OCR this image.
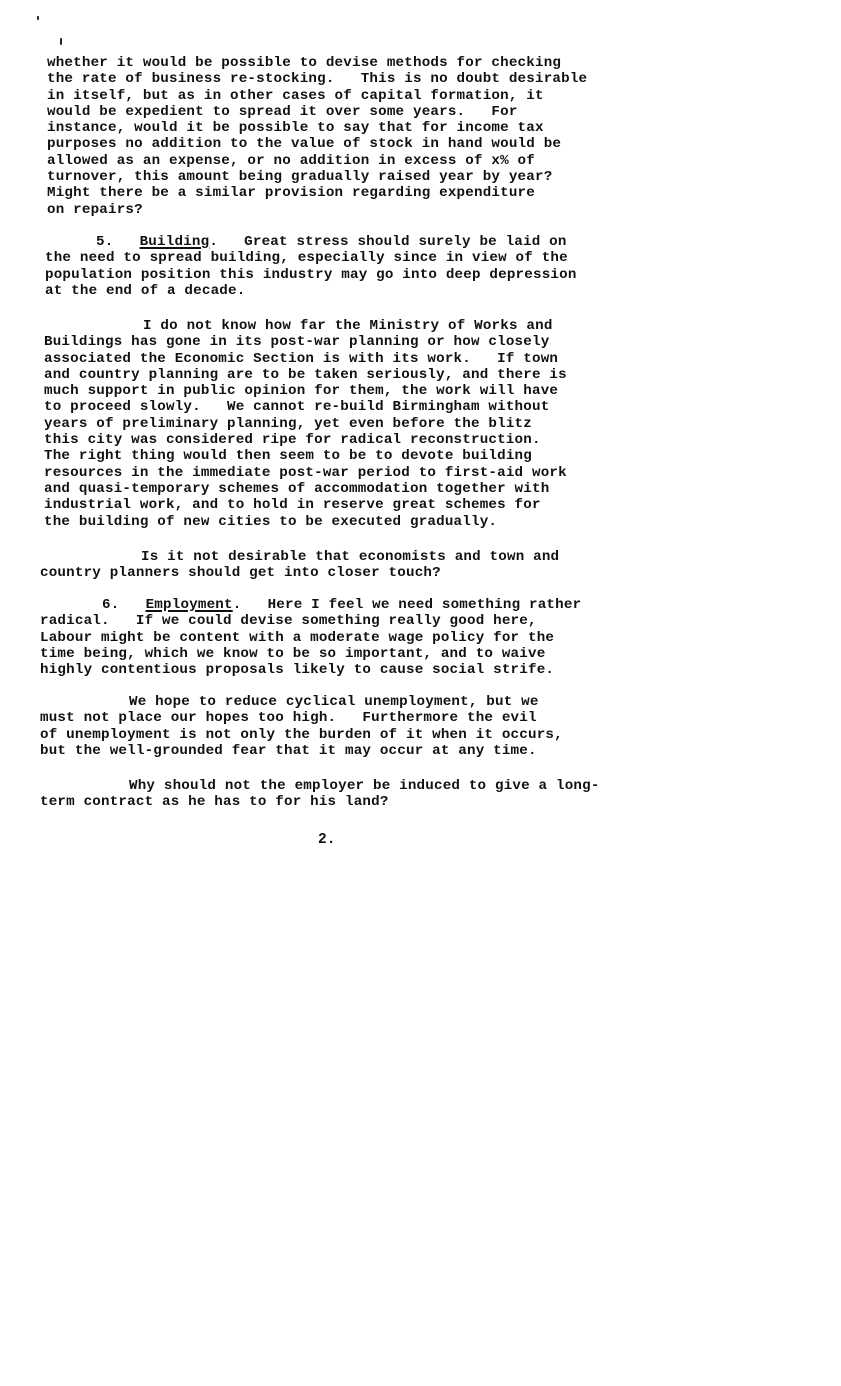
whether it would be possible to devise methods for checking
the rate of business re-stocking.   This is no doubt desirable
in itself, but as in other cases of capital formation, it
would be expedient to spread it over some years.   For
instance, would it be possible to say that for income tax
purposes no addition to the value of stock in hand would be
allowed as an expense, or no addition in excess of x% of
turnover, this amount being gradually raised year by year?
Might there be a similar provision regarding expenditure
on repairs?
5. Building.   Great stress should surely be laid on
the need to spread building, especially since in view of the
population position this industry may go into deep depression
at the end of a decade.
I do not know how far the Ministry of Works and
Buildings has gone in its post-war planning or how closely
associated the Economic Section is with its work.   If town
and country planning are to be taken seriously, and there is
much support in public opinion for them, the work will have
to proceed slowly.   We cannot re-build Birmingham without
years of preliminary planning, yet even before the blitz
this city was considered ripe for radical reconstruction.
The right thing would then seem to be to devote building
resources in the immediate post-war period to first-aid work
and quasi-temporary schemes of accommodation together with
industrial work, and to hold in reserve great schemes for
the building of new cities to be executed gradually.
Is it not desirable that economists and town and
country planners should get into closer touch?
6. Employment.   Here I feel we need something rather
radical.   If we could devise something really good here,
Labour might be content with a moderate wage policy for the
time being, which we know to be so important, and to waive
highly contentious proposals likely to cause social strife.
We hope to reduce cyclical unemployment, but we
must not place our hopes too high.   Furthermore the evil
of unemployment is not only the burden of it when it occurs,
but the well-grounded fear that it may occur at any time.
Why should not the employer be induced to give a long-
term contract as he has to for his land?
2.
